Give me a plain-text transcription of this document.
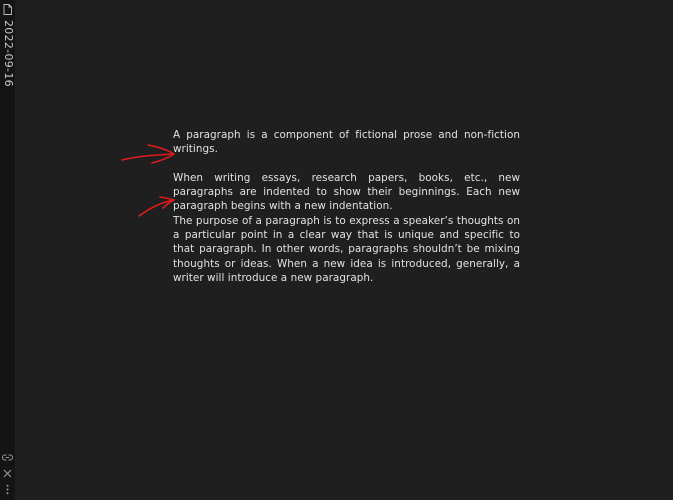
2022-09-16

A paragraph is a component of fictional prose and non-fiction writings.

When writing essays, research papers, books, etc., new paragraphs are indented to show their beginnings. Each new paragraph begins with a new indentation.

The purpose of a paragraph is to express a speaker’s thoughts on a particular point in a clear way that is unique and specific to that paragraph. In other words, paragraphs shouldn’t be mixing thoughts or ideas. When a new idea is introduced, generally, a writer will introduce a new paragraph.
